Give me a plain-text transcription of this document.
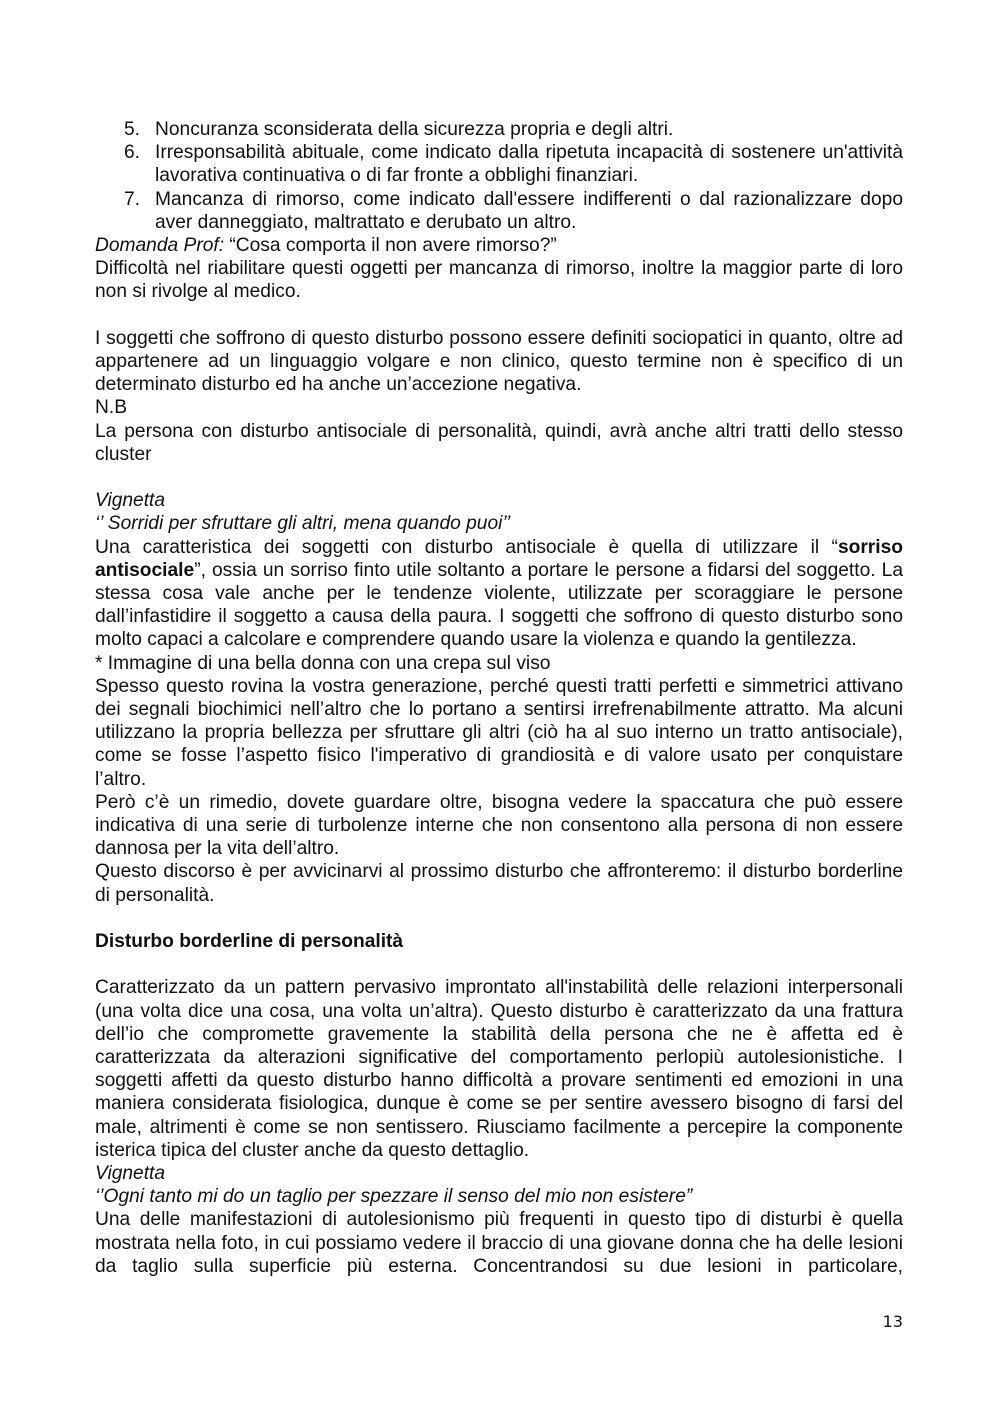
5. Noncuranza sconsiderata della sicurezza propria e degli altri.
6. Irresponsabilità abituale, come indicato dalla ripetuta incapacità di sostenere un'attività lavorativa continuativa o di far fronte a obblighi finanziari.
7. Mancanza di rimorso, come indicato dall'essere indifferenti o dal razionalizzare dopo aver danneggiato, maltrattato e derubato un altro.

Domanda Prof: “Cosa comporta il non avere rimorso?”

Difficoltà nel riabilitare questi oggetti per mancanza di rimorso, inoltre la maggior parte di loro non si rivolge al medico.

I soggetti che soffrono di questo disturbo possono essere definiti sociopatici in quanto, oltre ad appartenere ad un linguaggio volgare e non clinico, questo termine non è specifico di un determinato disturbo ed ha anche un’accezione negativa.

N.B

La persona con disturbo antisociale di personalità, quindi, avrà anche altri tratti dello stesso cluster

Vignetta

‘’ Sorridi per sfruttare gli altri, mena quando puoi’’

Una caratteristica dei soggetti con disturbo antisociale è quella di utilizzare il “sorriso antisociale”, ossia un sorriso finto utile soltanto a portare le persone a fidarsi del soggetto. La stessa cosa vale anche per le tendenze violente, utilizzate per scoraggiare le persone dall’infastidire il soggetto a causa della paura. I soggetti che soffrono di questo disturbo sono molto capaci a calcolare e comprendere quando usare la violenza e quando la gentilezza.

* Immagine di una bella donna con una crepa sul viso

Spesso questo rovina la vostra generazione, perché questi tratti perfetti e simmetrici attivano dei segnali biochimici nell’altro che lo portano a sentirsi irrefrenabilmente attratto. Ma alcuni utilizzano la propria bellezza per sfruttare gli altri (ciò ha al suo interno un tratto antisociale), come se fosse l’aspetto fisico l'imperativo di grandiosità e di valore usato per conquistare l’altro.

Però c’è un rimedio, dovete guardare oltre, bisogna vedere la spaccatura che può essere indicativa di una serie di turbolenze interne che non consentono alla persona di non essere dannosa per la vita dell’altro.

Questo discorso è per avvicinarvi al prossimo disturbo che affronteremo: il disturbo borderline di personalità.

Disturbo borderline di personalità

Caratterizzato da un pattern pervasivo improntato all'instabilità delle relazioni interpersonali (una volta dice una cosa, una volta un’altra). Questo disturbo è caratterizzato da una frattura dell’io che compromette gravemente la stabilità della persona che ne è affetta ed è caratterizzata da alterazioni significative del comportamento perlopiù autolesionistiche. I soggetti affetti da questo disturbo hanno difficoltà a provare sentimenti ed emozioni in una maniera considerata fisiologica, dunque è come se per sentire avessero bisogno di farsi del male, altrimenti è come se non sentissero. Riusciamo facilmente a percepire la componente isterica tipica del cluster anche da questo dettaglio.

Vignetta

‘’Ogni tanto mi do un taglio per spezzare il senso del mio non esistere”

Una delle manifestazioni di autolesionismo più frequenti in questo tipo di disturbi è quella mostrata nella foto, in cui possiamo vedere il braccio di una giovane donna che ha delle lesioni da taglio sulla superficie più esterna. Concentrandosi su due lesioni in particolare,

13
